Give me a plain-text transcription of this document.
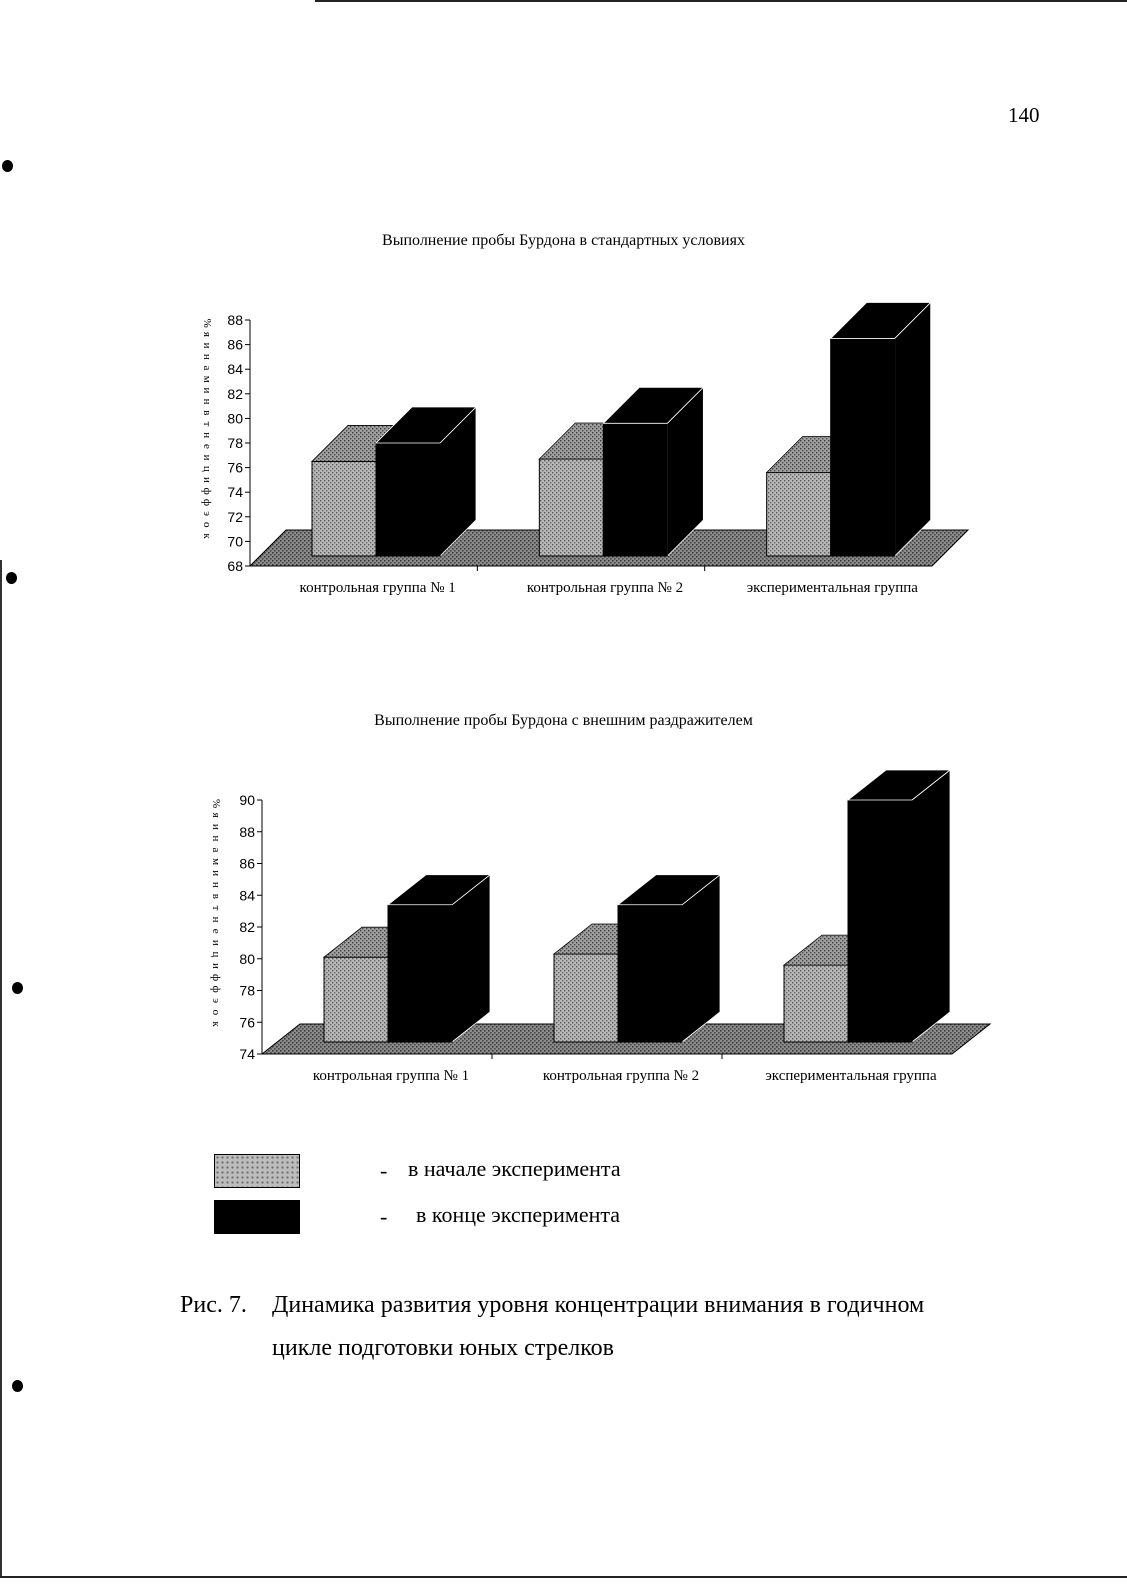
140
Выполнение пробы Бурдона в стандартных условиях
68
70
72
74
76
78
80
82
84
86
88
к
о
э
ф
ф
и
ц
и
е
н
т
в
н
и
м
а
н
и
я
%
контрольная группа № 1	контрольная группа № 2	экспериментальная группа
Выполнение пробы Бурдона с внешним раздражителем
74
76
78
80
82
84
86
88
90
к
о
э
ф
ф
и
ц
и
е
н
т
в
н
и
м
а
н
и
я
%
контрольная группа № 1	контрольная группа № 2	экспериментальная группа
- в начале эксперимента
- в конце эксперимента
Рис. 7. Динамика развития уровня концентрации внимания в годичном
цикле подготовки юных стрелков
